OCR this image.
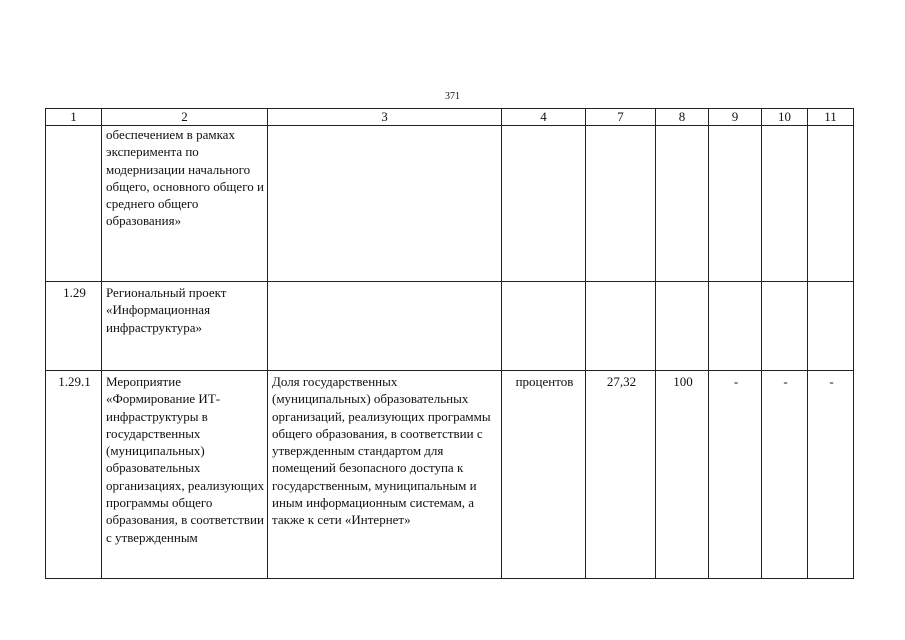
371
1	2	3	4	7	8	9	10	11
	обеспечением в рамках эксперимента по модернизации начального общего, основного общего и среднего общего образования»							
1.29	Региональный проект «Информационная инфраструктура»							
1.29.1	Мероприятие «Формирование ИТ-инфраструктуры в государственных (муниципальных) образовательных организациях, реализующих программы общего образования, в соответствии с утвержденным	Доля государственных (муниципальных) образовательных организаций, реализующих программы общего образования, в соответствии с утвержденным стандартом для помещений безопасного доступа к государственным, муниципальным и иным информационным системам, а также к сети «Интернет»	процентов	27,32	100	-	-	-
